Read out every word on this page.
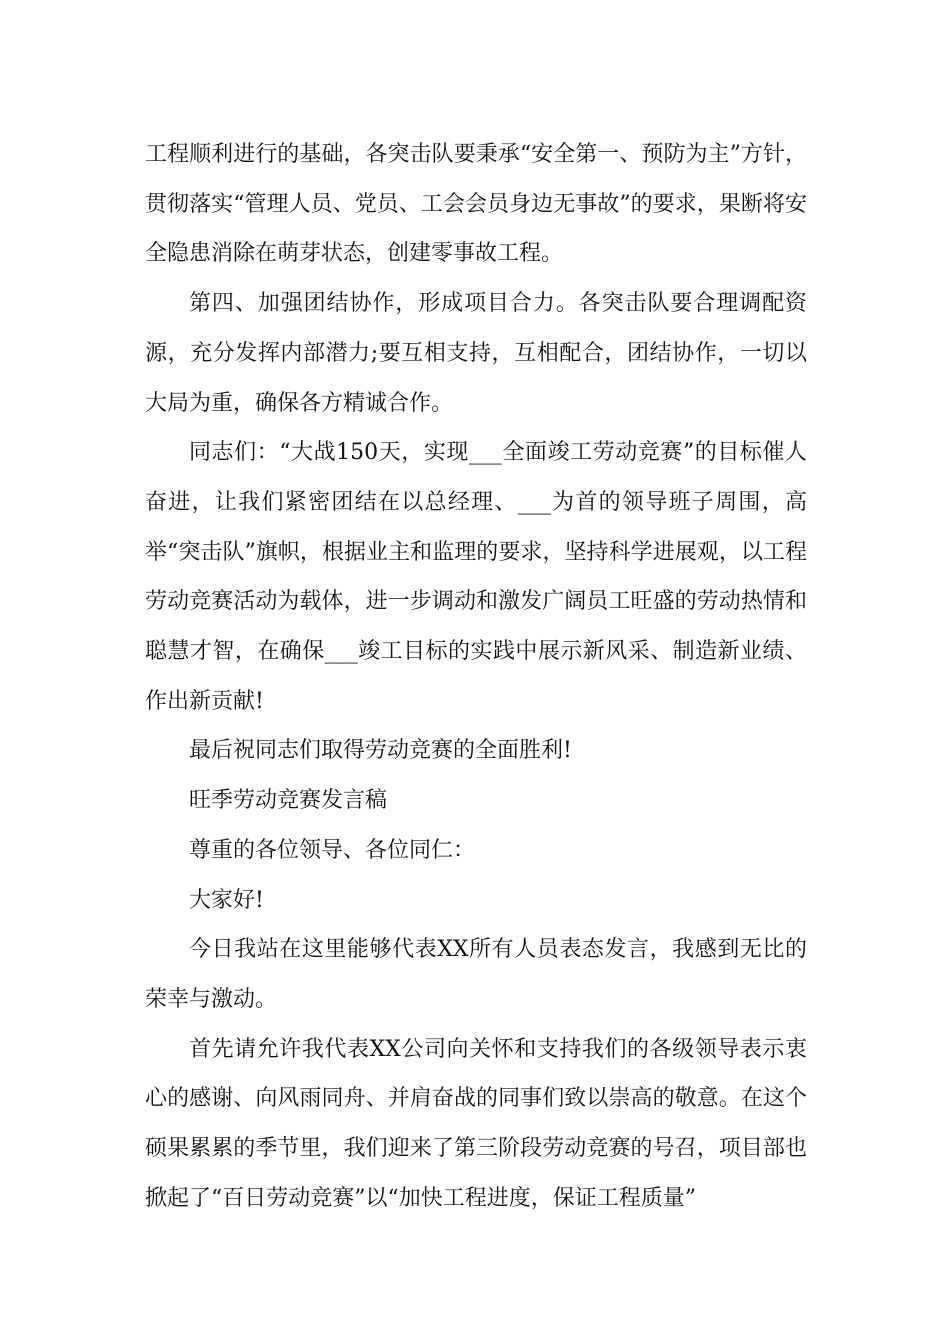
工程顺利进行的基础，各突击队要秉承“安全第一、预防为主”方针，贯彻落实“管理人员、党员、工会会员身边无事故”的要求，果断将安全隐患消除在萌芽状态，创建零事故工程。

第四、加强团结协作，形成项目合力。各突击队要合理调配资源，充分发挥内部潜力;要互相支持，互相配合，团结协作，一切以大局为重，确保各方精诚合作。

同志们：“大战150天，实现___全面竣工劳动竞赛”的目标催人奋进，让我们紧密团结在以总经理、___为首的领导班子周围，高举“突击队”旗帜，根据业主和监理的要求，坚持科学进展观，以工程劳动竞赛活动为载体，进一步调动和激发广阔员工旺盛的劳动热情和聪慧才智，在确保___竣工目标的实践中展示新风采、制造新业绩、作出新贡献!

最后祝同志们取得劳动竞赛的全面胜利!

旺季劳动竞赛发言稿

尊重的各位领导、各位同仁：

大家好!

今日我站在这里能够代表XX所有人员表态发言，我感到无比的荣幸与激动。

首先请允许我代表XX公司向关怀和支持我们的各级领导表示衷心的感谢、向风雨同舟、并肩奋战的同事们致以崇高的敬意。在这个硕果累累的季节里，我们迎来了第三阶段劳动竞赛的号召，项目部也掀起了“百日劳动竞赛”以“加快工程进度，保证工程质量”
